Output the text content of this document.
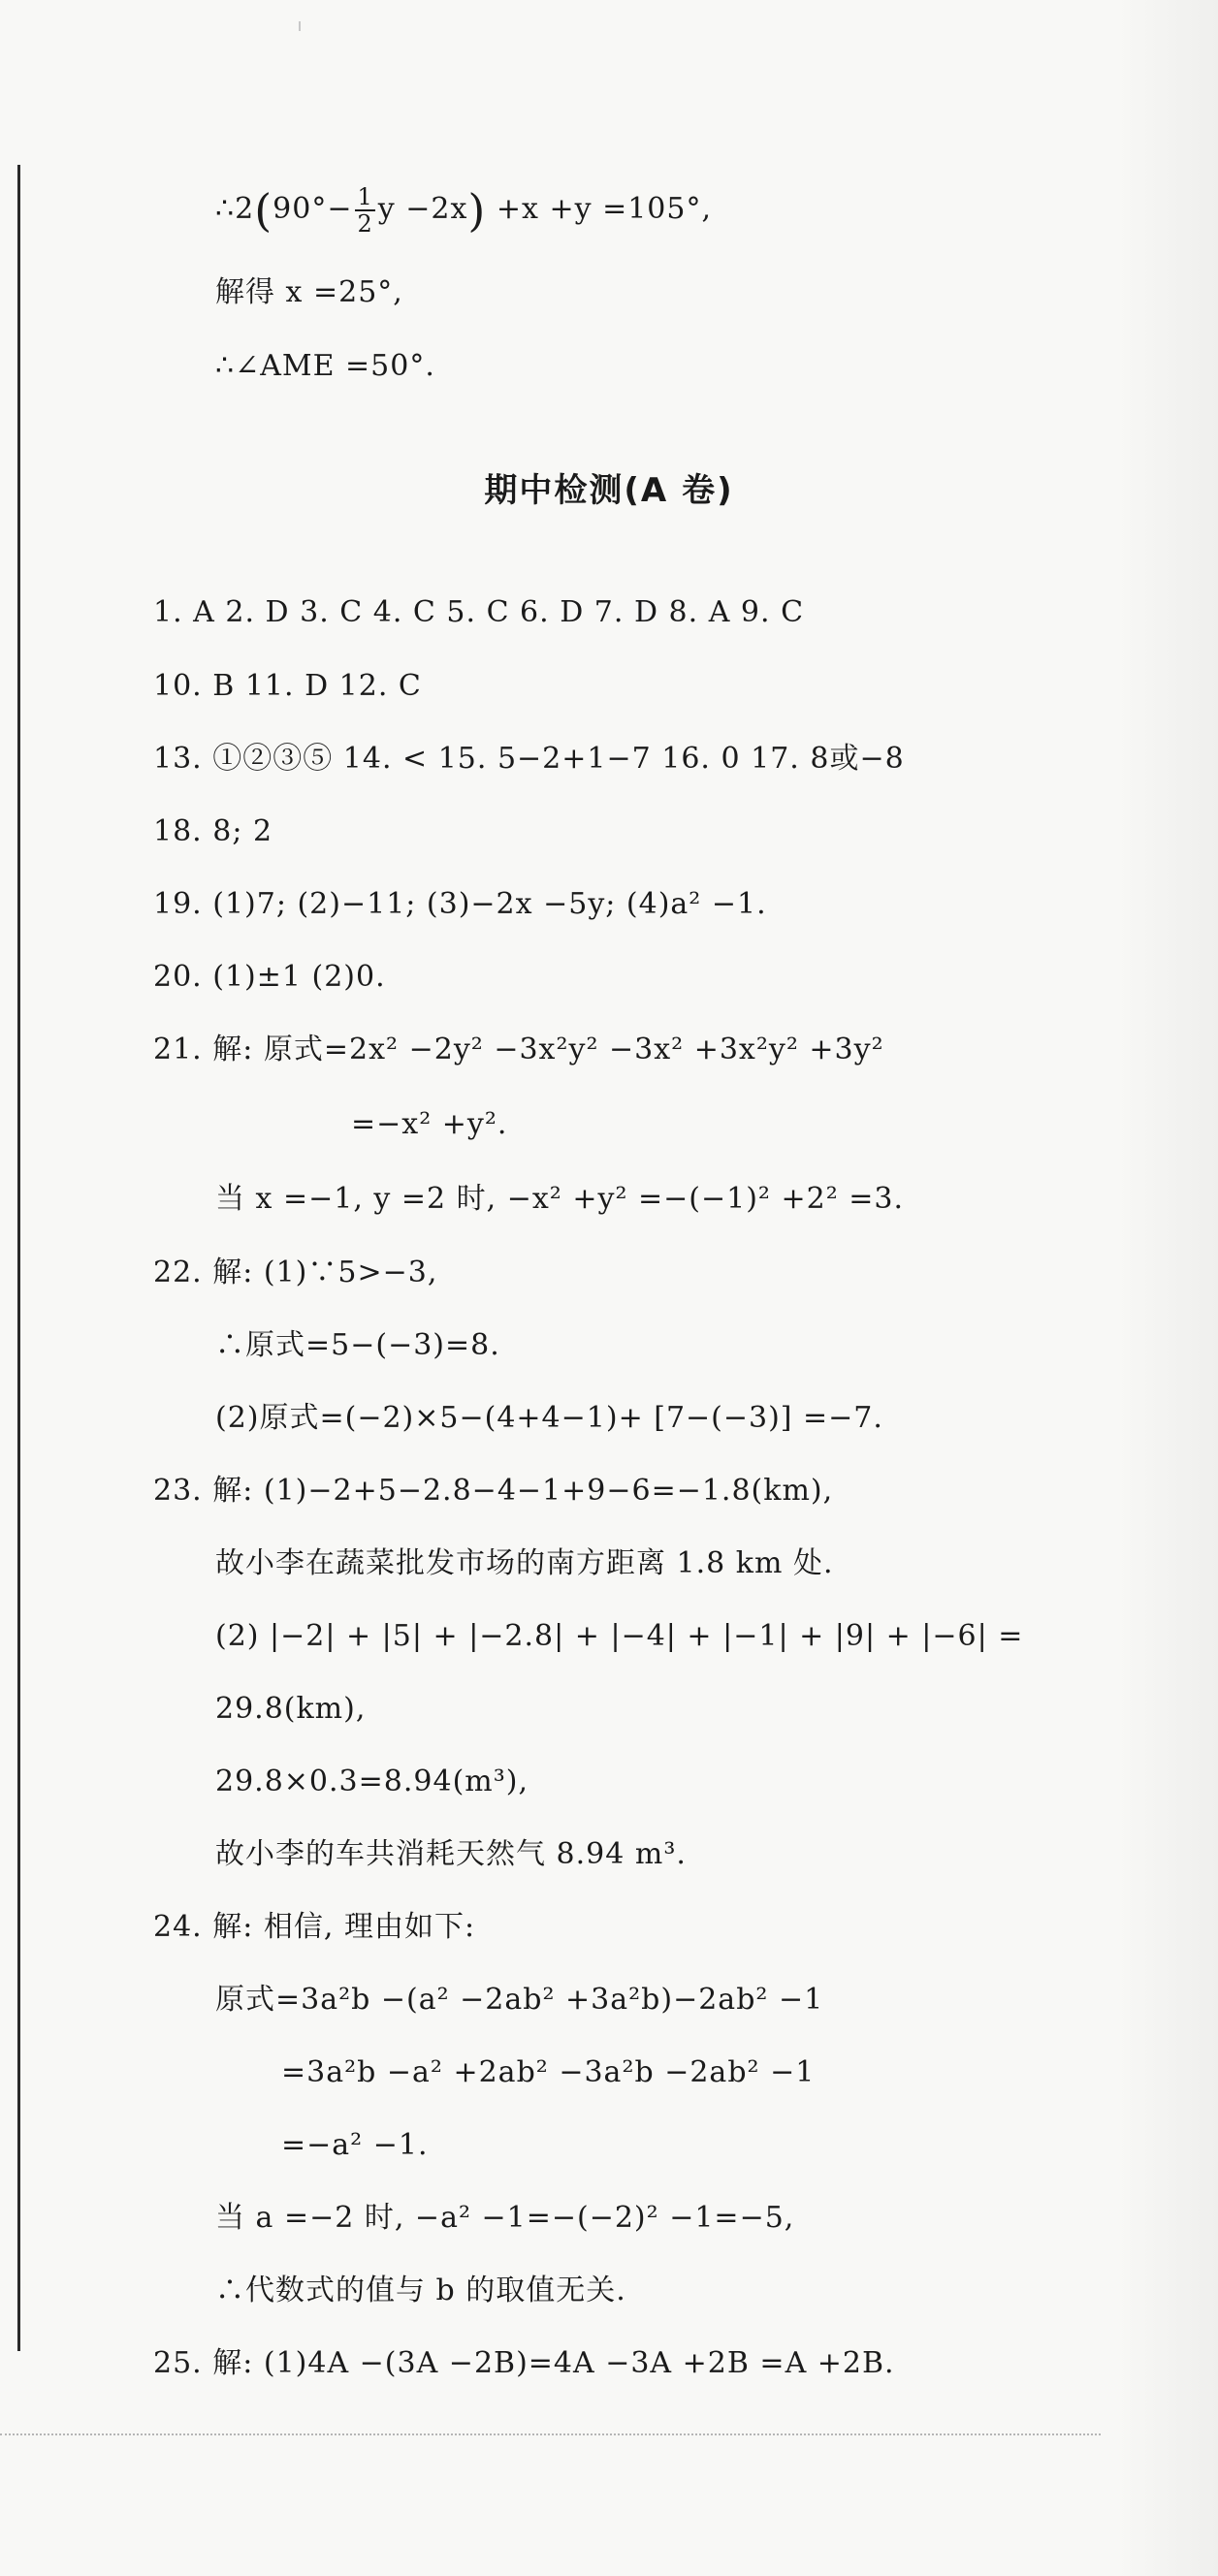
∴2(90°− $\frac{1}{2}$ y −2x) +x +y =105°,
解得 x =25°,
∴∠AME =50°.
期中检测(A 卷)
1. A 2. D 3. C 4. C 5. C 6. D 7. D 8. A 9. C
10. B 11. D 12. C
13. ①②③⑤ 14. < 15. 5−2+1−7 16. 0 17. 8或−8
18. 8; 2
19. (1)7; (2)−11; (3)−2x −5y; (4)a² −1.
20. (1)±1 (2)0.
21. 解: 原式=2x² −2y² −3x²y² −3x² +3x²y² +3y²
=−x² +y².
当 x =−1, y =2 时, −x² +y² =−(−1)² +2² =3.
22. 解: (1)∵5>−3,
∴原式=5−(−3)=8.
(2)原式=(−2)×5−(4+4−1)+ [7−(−3)] =−7.
23. 解: (1)−2+5−2.8−4−1+9−6=−1.8(km),
故小李在蔬菜批发市场的南方距离 1.8 km 处.
(2) |−2| + |5| + |−2.8| + |−4| + |−1| + |9| + |−6| =
29.8(km),
29.8×0.3=8.94(m³),
故小李的车共消耗天然气 8.94 m³.
24. 解: 相信, 理由如下:
原式=3a²b −(a² −2ab² +3a²b)−2ab² −1
=3a²b −a² +2ab² −3a²b −2ab² −1
=−a² −1.
当 a =−2 时, −a² −1=−(−2)² −1=−5,
∴代数式的值与 b 的取值无关.
25. 解: (1)4A −(3A −2B)=4A −3A +2B =A +2B.
